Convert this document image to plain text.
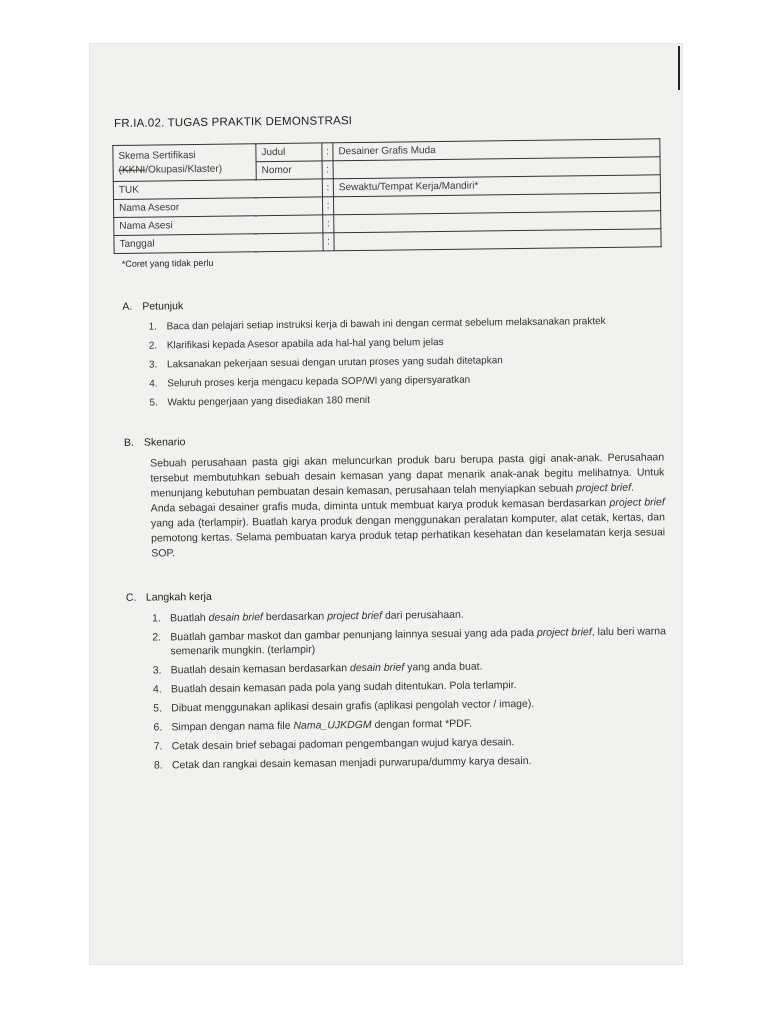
FR.IA.02. TUGAS PRAKTIK DEMONSTRASI
Skema Sertifikasi
(KKNI/Okupasi/Klaster)	Judul	:	Desainer Grafis Muda
	Nomor	:	
TUK		:	Sewaktu/Tempat Kerja/Mandiri*
Nama Asesor		:	
Nama Asesi		:	
Tanggal		:	
*Coret yang tidak perlu
A. Petunjuk
1. Baca dan pelajari setiap instruksi kerja di bawah ini dengan cermat sebelum melaksanakan praktek
2. Klarifikasi kepada Asesor apabila ada hal-hal yang belum jelas
3. Laksanakan pekerjaan sesuai dengan urutan proses yang sudah ditetapkan
4. Seluruh proses kerja mengacu kepada SOP/WI yang dipersyaratkan
5. Waktu pengerjaan yang disediakan 180 menit
B. Skenario

Sebuah perusahaan pasta gigi akan meluncurkan produk baru berupa pasta gigi anak-anak. Perusahaan tersebut membutuhkan sebuah desain kemasan yang dapat menarik anak-anak begitu melihatnya. Untuk menunjang kebutuhan pembuatan desain kemasan, perusahaan telah menyiapkan sebuah project brief.

Anda sebagai desainer grafis muda, diminta untuk membuat karya produk kemasan berdasarkan project brief yang ada (terlampir). Buatlah karya produk dengan menggunakan peralatan komputer, alat cetak, kertas, dan pemotong kertas. Selama pembuatan karya produk tetap perhatikan kesehatan dan keselamatan kerja sesuai SOP.

C. Langkah kerja
1. Buatlah desain brief berdasarkan project brief dari perusahaan.
2. Buatlah gambar maskot dan gambar penunjang lainnya sesuai yang ada pada project brief, lalu beri warna semenarik mungkin. (terlampir)
3. Buatlah desain kemasan berdasarkan desain brief yang anda buat.
4. Buatlah desain kemasan pada pola yang sudah ditentukan. Pola terlampir.
5. Dibuat menggunakan aplikasi desain grafis (aplikasi pengolah vector / image).
6. Simpan dengan nama file Nama_UJKDGM dengan format *PDF.
7. Cetak desain brief sebagai padoman pengembangan wujud karya desain.
8. Cetak dan rangkai desain kemasan menjadi purwarupa/dummy karya desain.
